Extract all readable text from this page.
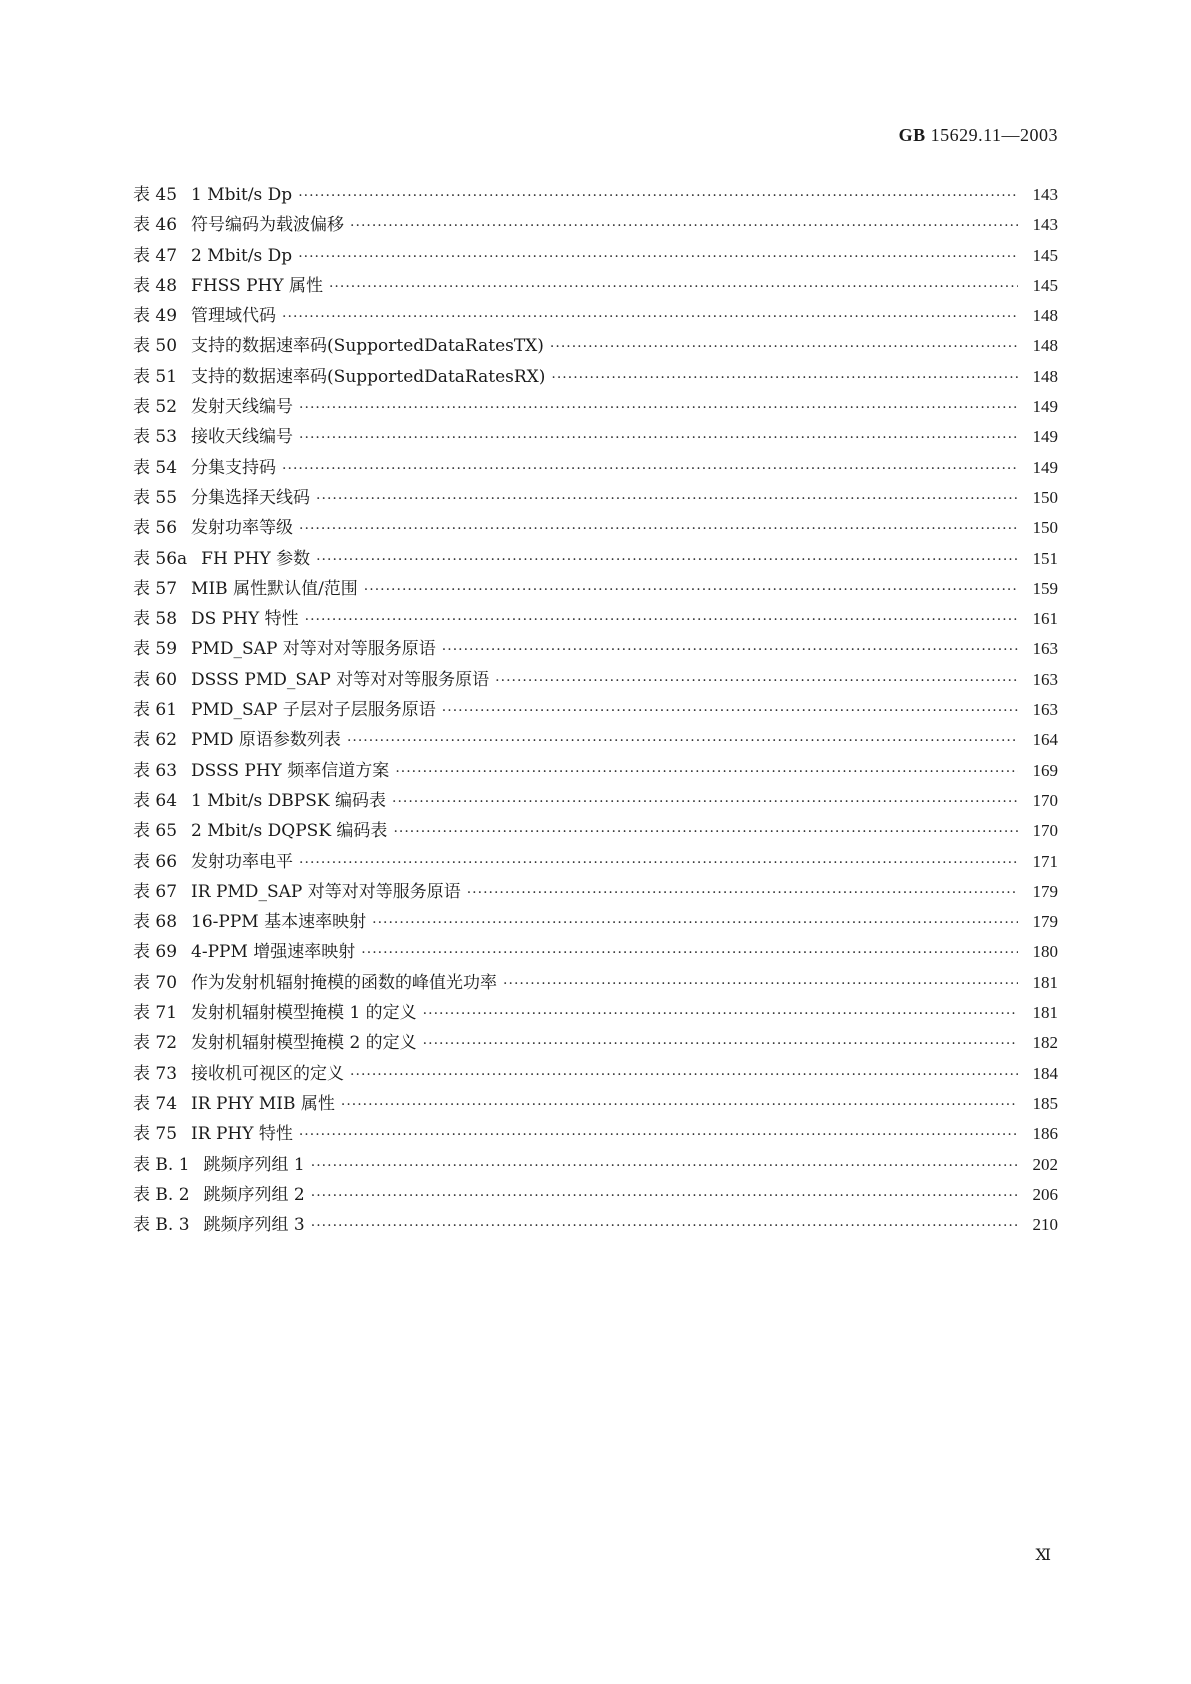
GB 15629.11—2003
表 45 1 Mbit/s Dp ·····	143
表 46 符号编码为载波偏移 ·····	143
表 47 2 Mbit/s Dp ·····	145
表 48 FHSS PHY 属性 ·····	145
表 49 管理域代码 ·····	148
表 50 支持的数据速率码(SupportedDataRatesTX) ·····	148
表 51 支持的数据速率码(SupportedDataRatesRX) ·····	148
表 52 发射天线编号 ·····	149
表 53 接收天线编号 ·····	149
表 54 分集支持码 ·····	149
表 55 分集选择天线码 ·····	150
表 56 发射功率等级 ·····	150
表 56a FH PHY 参数 ·····	151
表 57 MIB 属性默认值/范围 ·····	159
表 58 DS PHY 特性 ·····	161
表 59 PMD_SAP 对等对对等服务原语 ·····	163
表 60 DSSS PMD_SAP 对等对对等服务原语 ·····	163
表 61 PMD_SAP 子层对子层服务原语 ·····	163
表 62 PMD 原语参数列表 ·····	164
表 63 DSSS PHY 频率信道方案 ·····	169
表 64 1 Mbit/s DBPSK 编码表 ·····	170
表 65 2 Mbit/s DQPSK 编码表 ·····	170
表 66 发射功率电平 ·····	171
表 67 IR PMD_SAP 对等对对等服务原语 ·····	179
表 68 16-PPM 基本速率映射 ·····	179
表 69 4-PPM 增强速率映射 ·····	180
表 70 作为发射机辐射掩模的函数的峰值光功率 ·····	181
表 71 发射机辐射模型掩模 1 的定义 ·····	181
表 72 发射机辐射模型掩模 2 的定义 ·····	182
表 73 接收机可视区的定义 ·····	184
表 74 IR PHY MIB 属性 ·····	185
表 75 IR PHY 特性 ·····	186
表 B. 1 跳频序列组 1 ·····	202
表 B. 2 跳频序列组 2 ·····	206
表 B. 3 跳频序列组 3 ·····	210
Ⅺ
